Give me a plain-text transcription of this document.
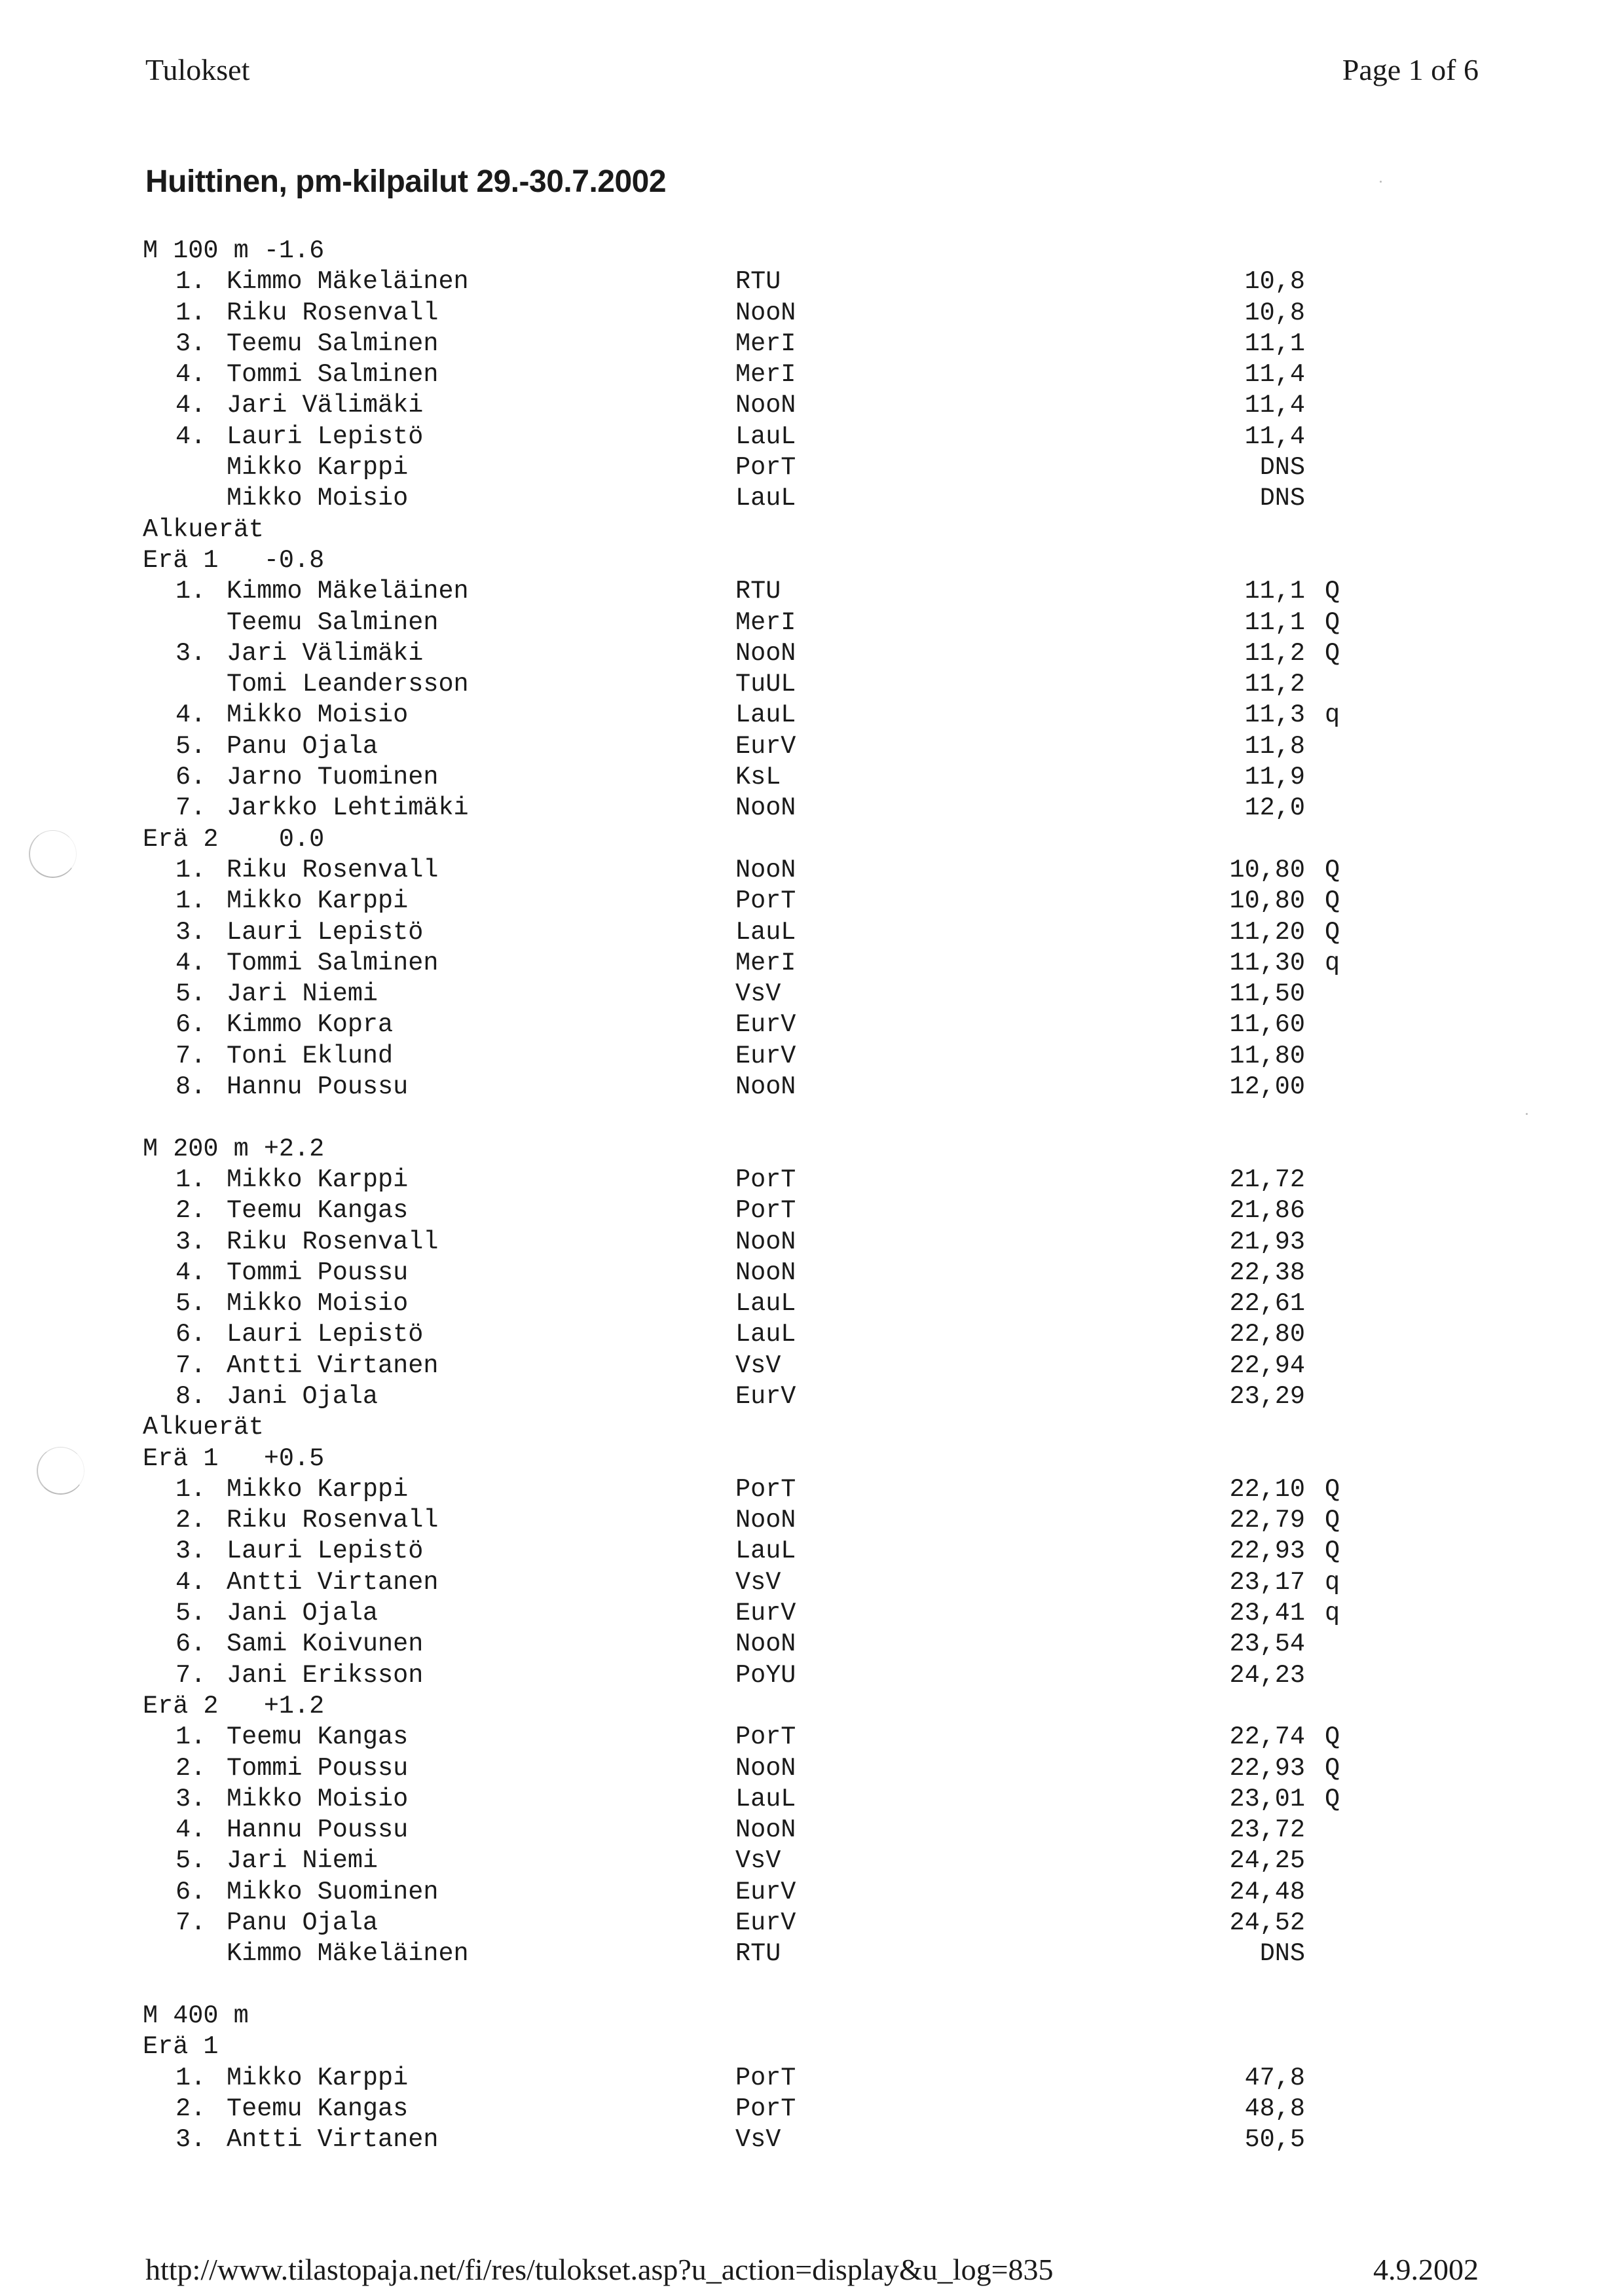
Tulokset	Page 1 of 6
Huittinen, pm-kilpailut 29.-30.7.2002
M 100 m -1.6
1. Kimmo Mäkeläinen	RTU	10,8
1. Riku Rosenvall	NooN	10,8
3. Teemu Salminen	MerI	11,1
4. Tommi Salminen	MerI	11,4
4. Jari Välimäki	NooN	11,4
4. Lauri Lepistö	LauL	11,4
Mikko Karppi	PorT	DNS
Mikko Moisio	LauL	DNS
Alkuerät
Erä 1   -0.8
1. Kimmo Mäkeläinen	RTU	11,1 Q
Teemu Salminen	MerI	11,1 Q
3. Jari Välimäki	NooN	11,2 Q
Tomi Leandersson	TuUL	11,2
4. Mikko Moisio	LauL	11,3 q
5. Panu Ojala	EurV	11,8
6. Jarno Tuominen	KsL	11,9
7. Jarkko Lehtimäki	NooN	12,0
Erä 2    0.0
1. Riku Rosenvall	NooN	10,80 Q
1. Mikko Karppi	PorT	10,80 Q
3. Lauri Lepistö	LauL	11,20 Q
4. Tommi Salminen	MerI	11,30 q
5. Jari Niemi	VsV	11,50
6. Kimmo Kopra	EurV	11,60
7. Toni Eklund	EurV	11,80
8. Hannu Poussu	NooN	12,00
M 200 m +2.2
1. Mikko Karppi	PorT	21,72
2. Teemu Kangas	PorT	21,86
3. Riku Rosenvall	NooN	21,93
4. Tommi Poussu	NooN	22,38
5. Mikko Moisio	LauL	22,61
6. Lauri Lepistö	LauL	22,80
7. Antti Virtanen	VsV	22,94
8. Jani Ojala	EurV	23,29
Alkuerät
Erä 1   +0.5
1. Mikko Karppi	PorT	22,10 Q
2. Riku Rosenvall	NooN	22,79 Q
3. Lauri Lepistö	LauL	22,93 Q
4. Antti Virtanen	VsV	23,17 q
5. Jani Ojala	EurV	23,41 q
6. Sami Koivunen	NooN	23,54
7. Jani Eriksson	PoYU	24,23
Erä 2   +1.2
1. Teemu Kangas	PorT	22,74 Q
2. Tommi Poussu	NooN	22,93 Q
3. Mikko Moisio	LauL	23,01 Q
4. Hannu Poussu	NooN	23,72
5. Jari Niemi	VsV	24,25
6. Mikko Suominen	EurV	24,48
7. Panu Ojala	EurV	24,52
Kimmo Mäkeläinen	RTU	DNS
M 400 m
Erä 1
1. Mikko Karppi	PorT	47,8
2. Teemu Kangas	PorT	48,8
3. Antti Virtanen	VsV	50,5
http://www.tilastopaja.net/fi/res/tulokset.asp?u_action=display&u_log=835	4.9.2002
